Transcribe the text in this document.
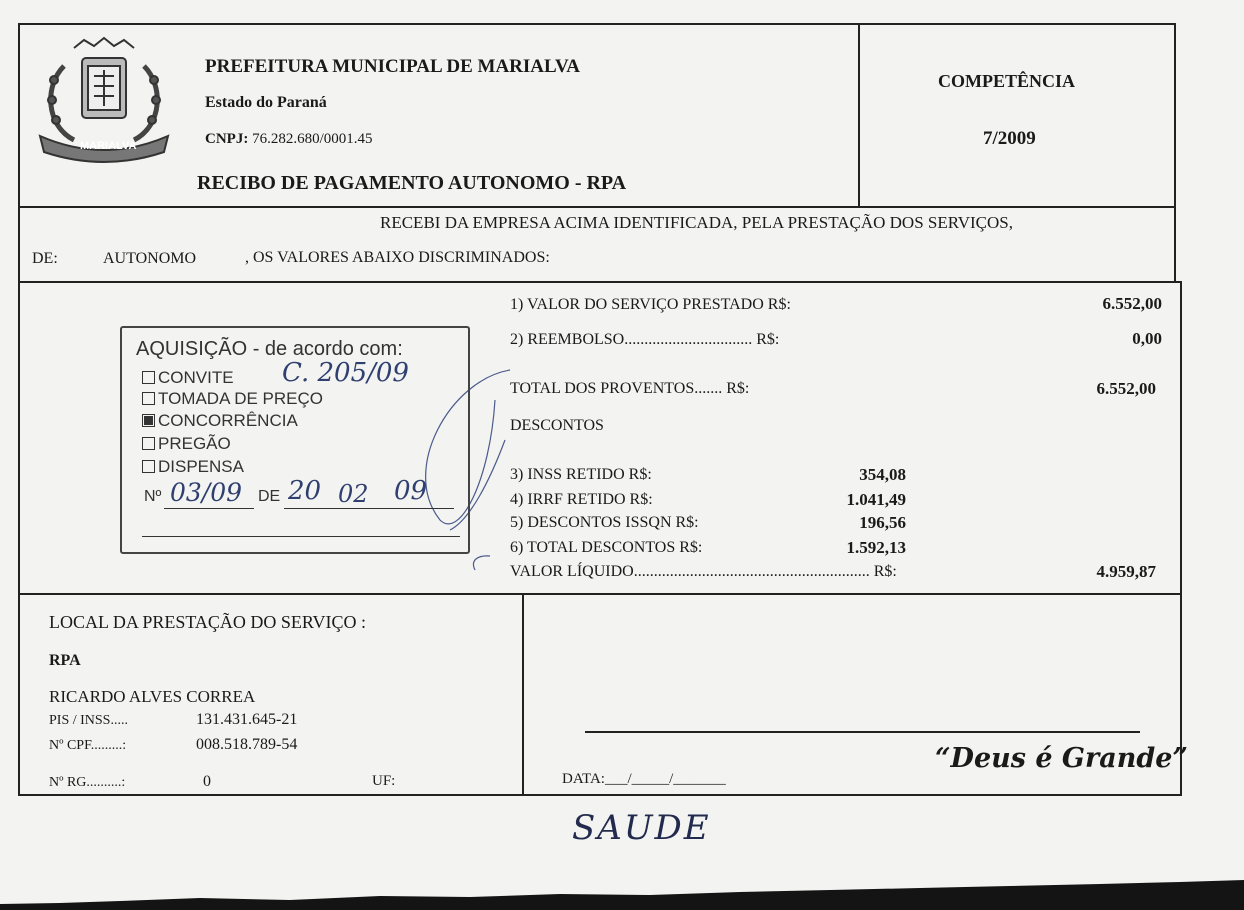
MARIALVA
PREFEITURA MUNICIPAL DE MARIALVA
Estado do Paraná
CNPJ: 76.282.680/0001.45
RECIBO DE PAGAMENTO AUTONOMO - RPA
COMPETÊNCIA
7/2009
RECEBI DA EMPRESA ACIMA IDENTIFICADA, PELA PRESTAÇÃO DOS SERVIÇOS,
DE:	AUTONOMO	, OS VALORES ABAIXO DISCRIMINADOS:
1) VALOR DO SERVIÇO PRESTADO R$:	6.552,00
2) REEMBOLSO................................ R$:	0,00
TOTAL DOS PROVENTOS....... R$:	6.552,00
DESCONTOS
3) INSS RETIDO R$:	354,08
4) IRRF RETIDO R$:	1.041,49
5) DESCONTOS ISSQN R$:	196,56
6) TOTAL DESCONTOS R$:	1.592,13
VALOR LÍQUIDO........................................................... R$:	4.959,87
AQUISIÇÃO - de acordo com:
C. 205/09
CONVITE
TOMADA DE PREÇO
CONCORRÊNCIA
PREGÃO
DISPENSA
Nº 03/09 DE 20 02 09
LOCAL DA PRESTAÇÃO DO SERVIÇO :
RPA
RICARDO ALVES CORREA
PIS / INSS.....	131.431.645-21
Nº CPF.........:	008.518.789-54
Nº RG..........:	0	UF:	DATA:___/_____/_______
“Deus é Grande”
SAUDE
